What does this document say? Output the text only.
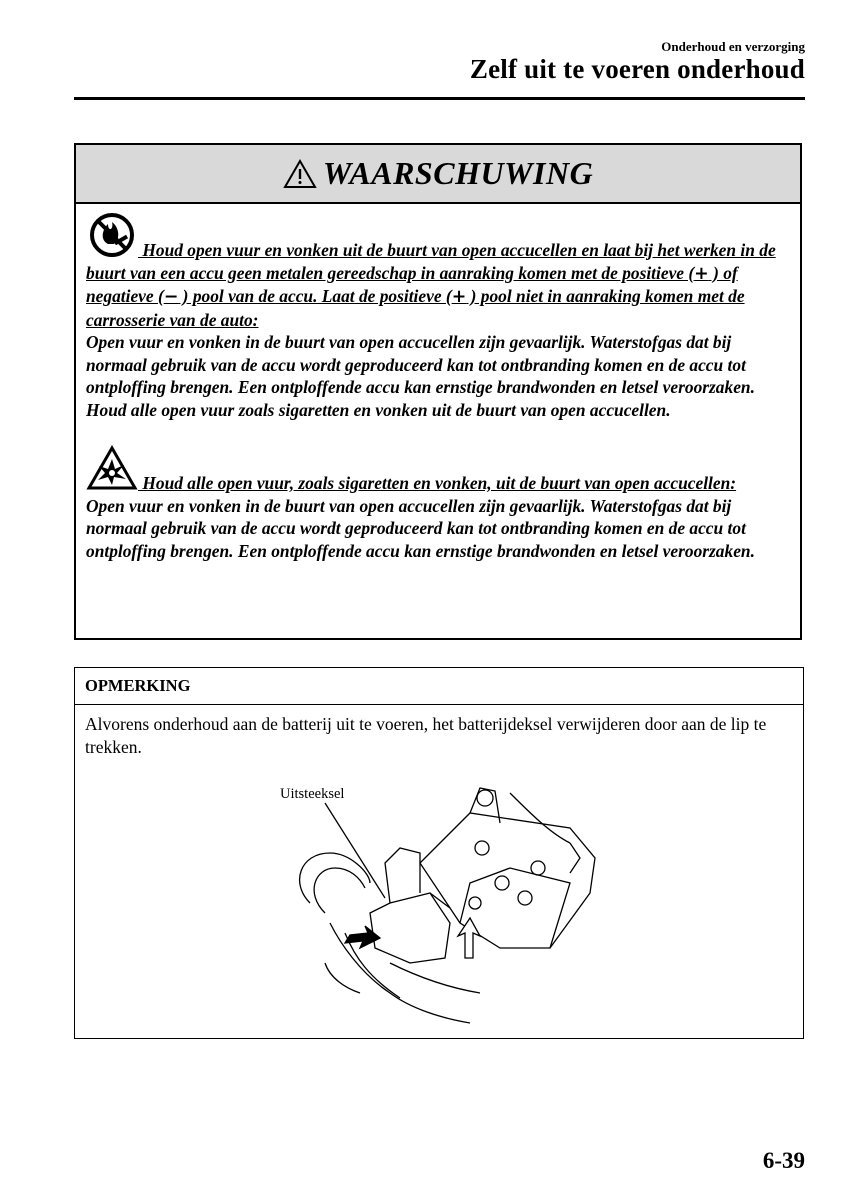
Onderhoud en verzorging
Zelf uit te voeren onderhoud
WAARSCHUWING
Houd open vuur en vonken uit de buurt van open accucellen en laat bij het werken in de buurt van een accu geen metalen gereedschap in aanraking komen met de positieve (+ ) of negatieve (− ) pool van de accu. Laat de positieve (+ ) pool niet in aanraking komen met de carrosserie van de auto:
Open vuur en vonken in de buurt van open accucellen zijn gevaarlijk. Waterstofgas dat bij normaal gebruik van de accu wordt geproduceerd kan tot ontbranding komen en de accu tot ontploffing brengen. Een ontploffende accu kan ernstige brandwonden en letsel veroorzaken. Houd alle open vuur zoals sigaretten en vonken uit de buurt van open accucellen.
Houd alle open vuur, zoals sigaretten en vonken, uit de buurt van open accucellen:
Open vuur en vonken in de buurt van open accucellen zijn gevaarlijk. Waterstofgas dat bij normaal gebruik van de accu wordt geproduceerd kan tot ontbranding komen en de accu tot ontploffing brengen. Een ontploffende accu kan ernstige brandwonden en letsel veroorzaken.
OPMERKING
Alvorens onderhoud aan de batterij uit te voeren, het batterijdeksel verwijderen door aan de lip te trekken.
Uitsteeksel
6-39
